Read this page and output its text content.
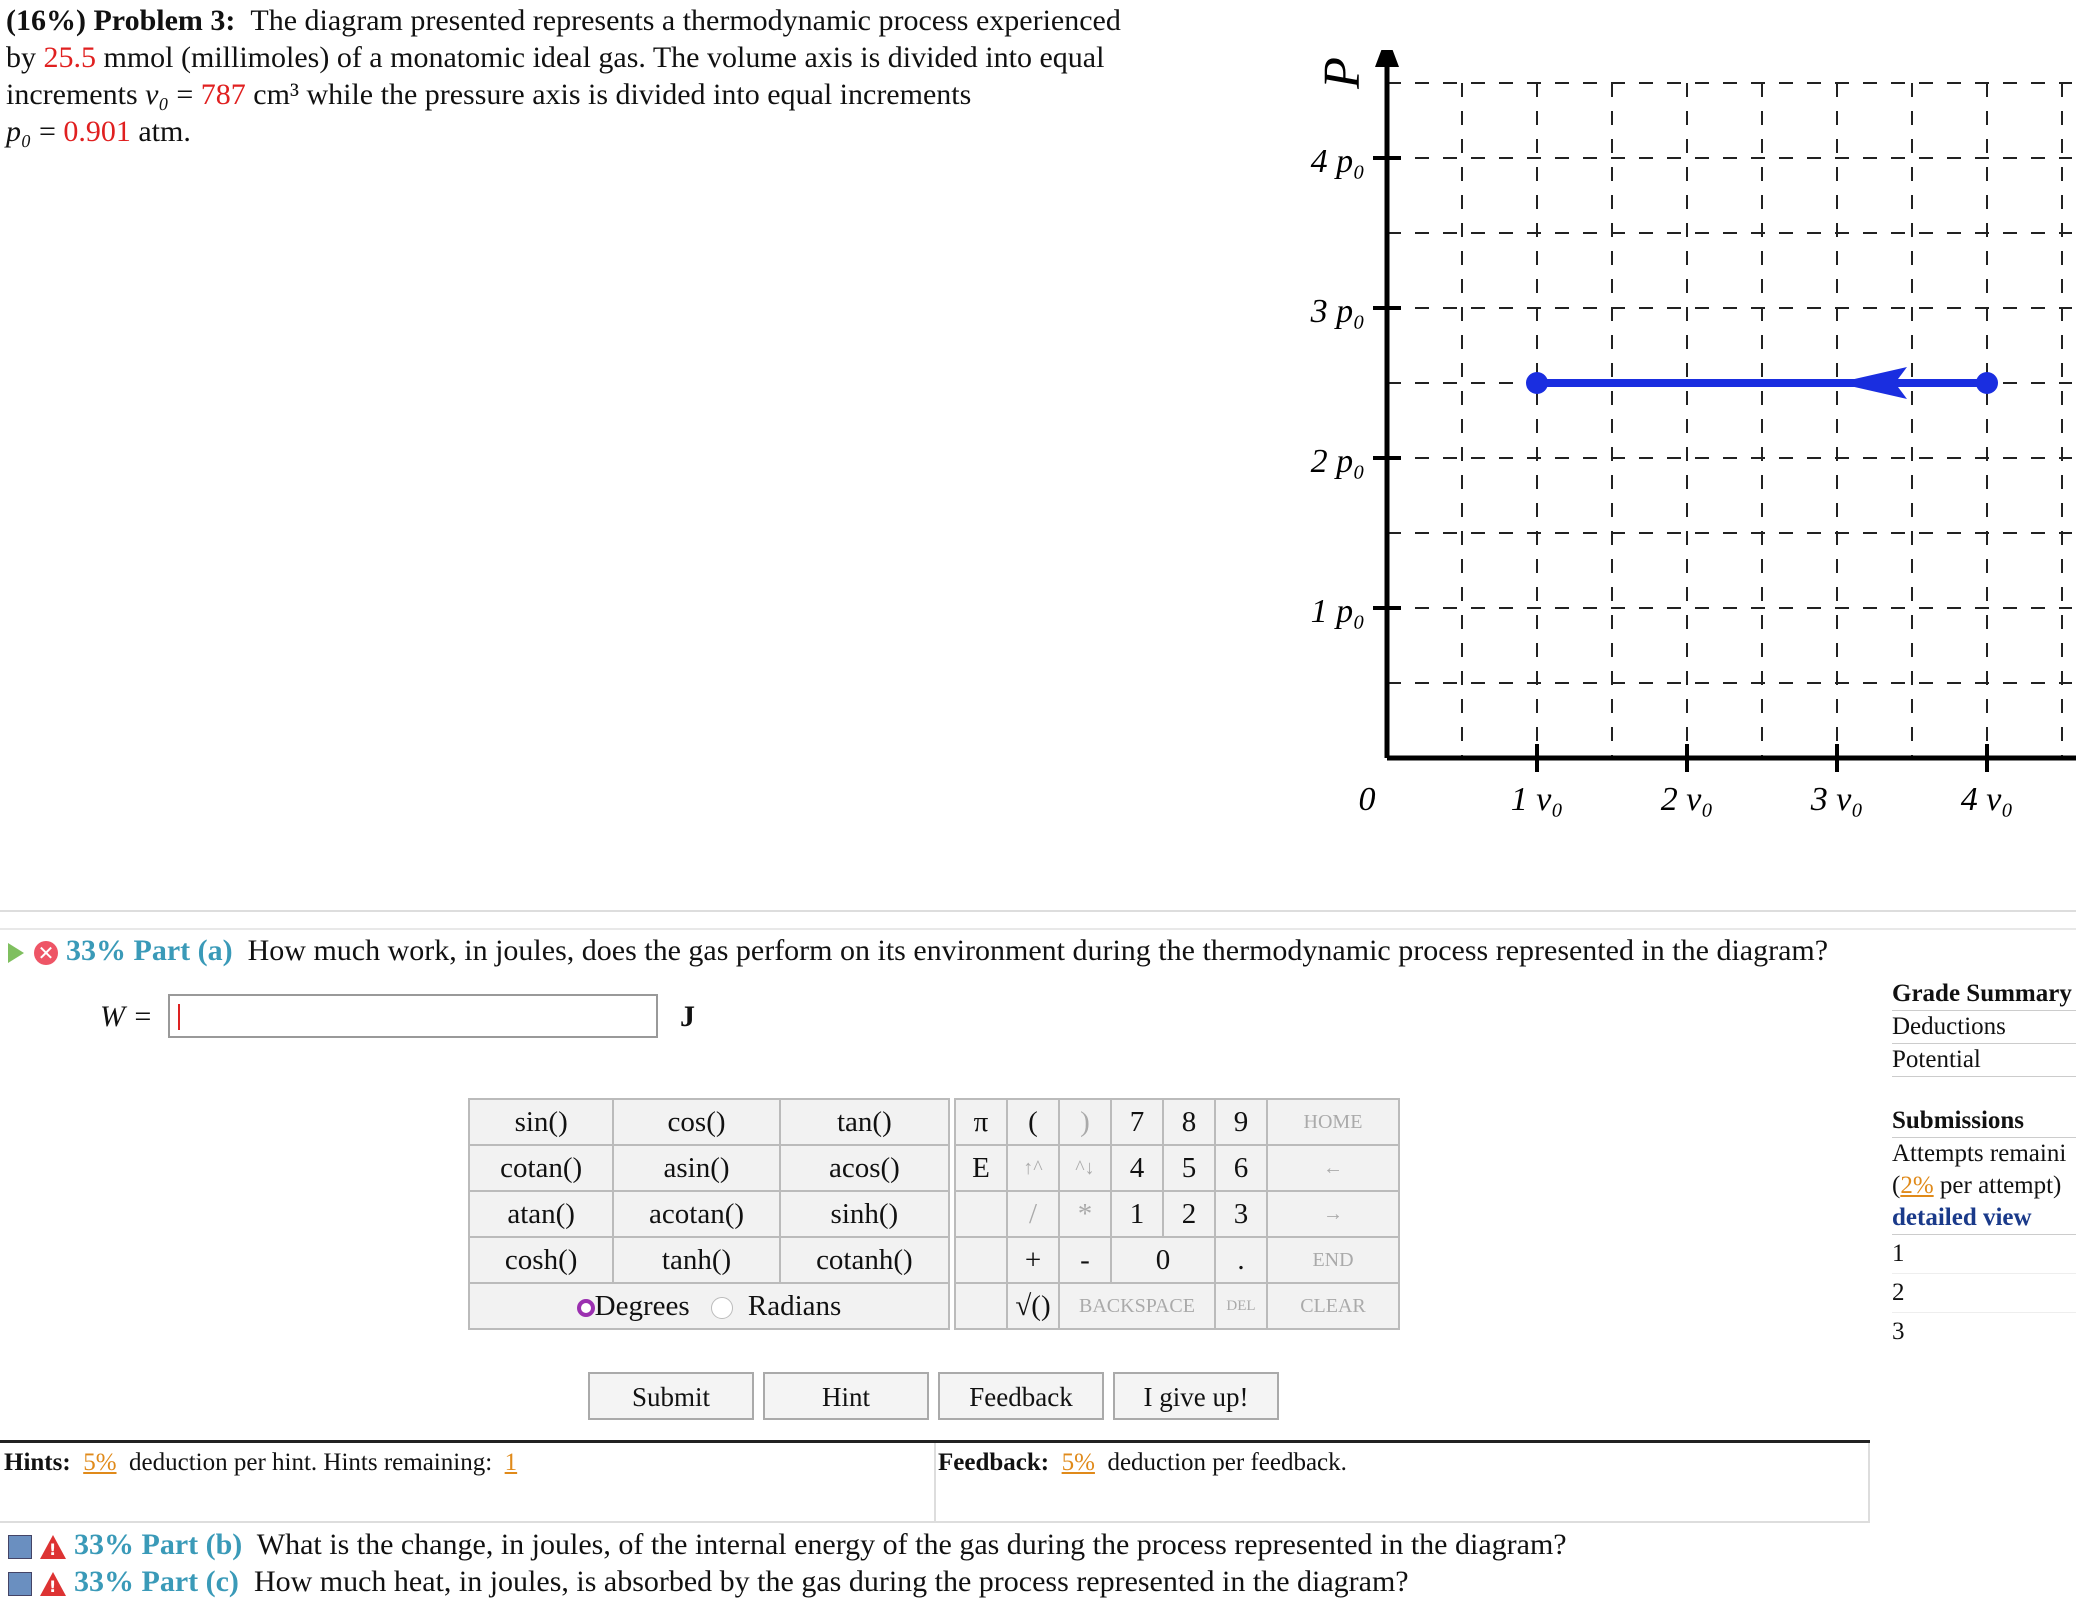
(16%) Problem 3: The diagram presented represents a thermodynamic process experienced
by 25.5 mmol (millimoles) of a monatomic ideal gas. The volume axis is divided into equal
increments v₀ = 787 cm³ while the pressure axis is divided into equal increments
p₀ = 0.901 atm.
0	1 v₀	2 v₀	3 v₀	4 v₀
1 p₀
2 p₀
3 p₀
4 p₀
P
✕ 33% Part (a) How much work, in joules, does the gas perform on its environment during the thermodynamic process represented in the diagram?
W =	J
sin()	cos()	tan()
cotan()	asin()	acos()
atan()	acotan()	sinh()
cosh()	tanh()	cotanh()
Degrees Radians		
π	(	)	7	8	9	HOME
E	↑^	^↓	4	5	6	←
	/	*	1	2	3	→
	+	-	0		.	END
	√()	BACKSPACE			DEL	CLEAR
Submit	Hint	Feedback	I give up!
Hints: 5% deduction per hint. Hints remaining: 1	Feedback: 5% deduction per feedback.
Grade Summary
Deductions
Potential
Submissions
Attempts remaini
(2% per attempt)
detailed view
1
2
3
! 33% Part (b) What is the change, in joules, of the internal energy of the gas during the process represented in the diagram?
! 33% Part (c) How much heat, in joules, is absorbed by the gas during the process represented in the diagram?
